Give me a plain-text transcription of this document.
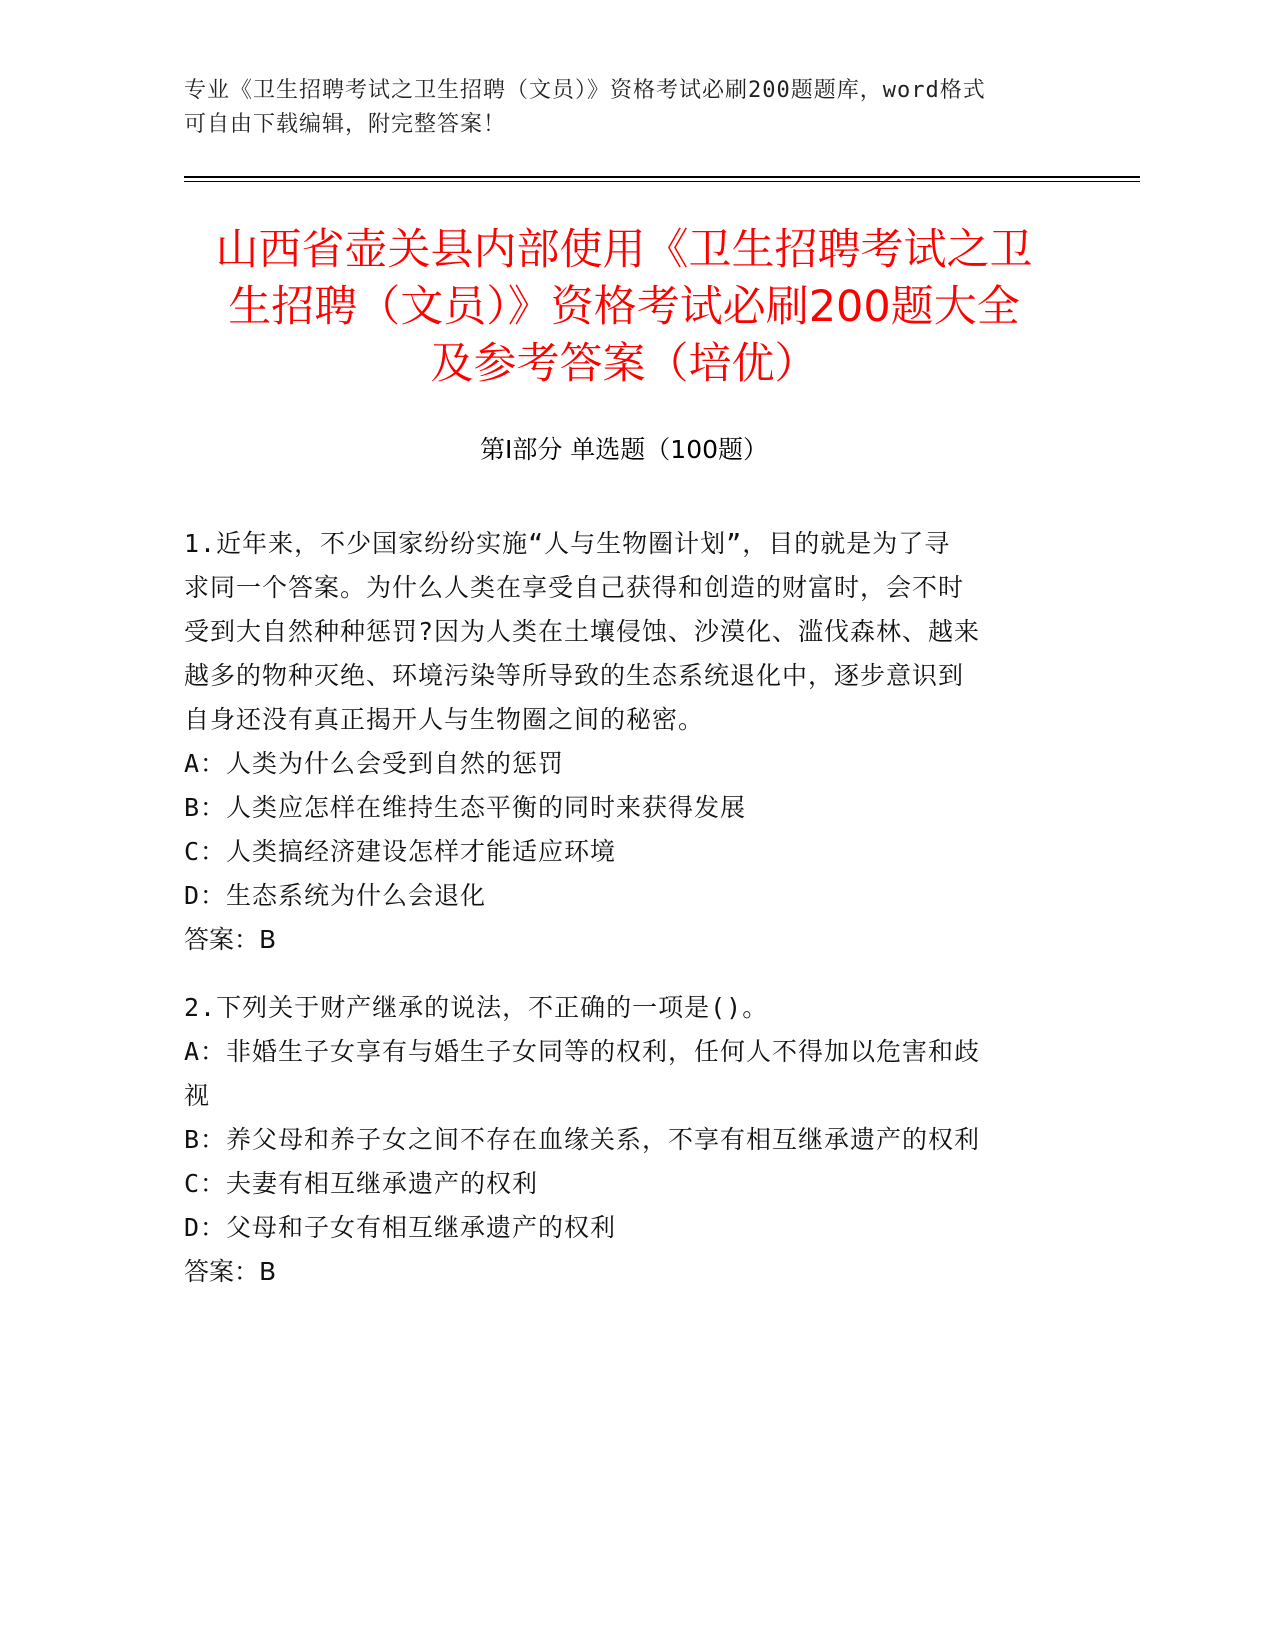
专业《卫生招聘考试之卫生招聘（文员）》资格考试必刷200题题库，word格式
可自由下载编辑，附完整答案！
山西省壶关县内部使用《卫生招聘考试之卫
生招聘（文员）》资格考试必刷200题大全
及参考答案（培优）
第Ⅰ部分 单选题（100题）
1.近年来，不少国家纷纷实施“人与生物圈计划”，目的就是为了寻
求同一个答案。为什么人类在享受自己获得和创造的财富时，会不时
受到大自然种种惩罚?因为人类在土壤侵蚀、沙漠化、滥伐森林、越来
越多的物种灭绝、环境污染等所导致的生态系统退化中，逐步意识到
自身还没有真正揭开人与生物圈之间的秘密。
A：人类为什么会受到自然的惩罚
B：人类应怎样在维持生态平衡的同时来获得发展
C：人类搞经济建设怎样才能适应环境
D：生态系统为什么会退化
答案：B
2.下列关于财产继承的说法，不正确的一项是()。
A：非婚生子女享有与婚生子女同等的权利，任何人不得加以危害和歧
视
B：养父母和养子女之间不存在血缘关系，不享有相互继承遗产的权利
C：夫妻有相互继承遗产的权利
D：父母和子女有相互继承遗产的权利
答案：B
